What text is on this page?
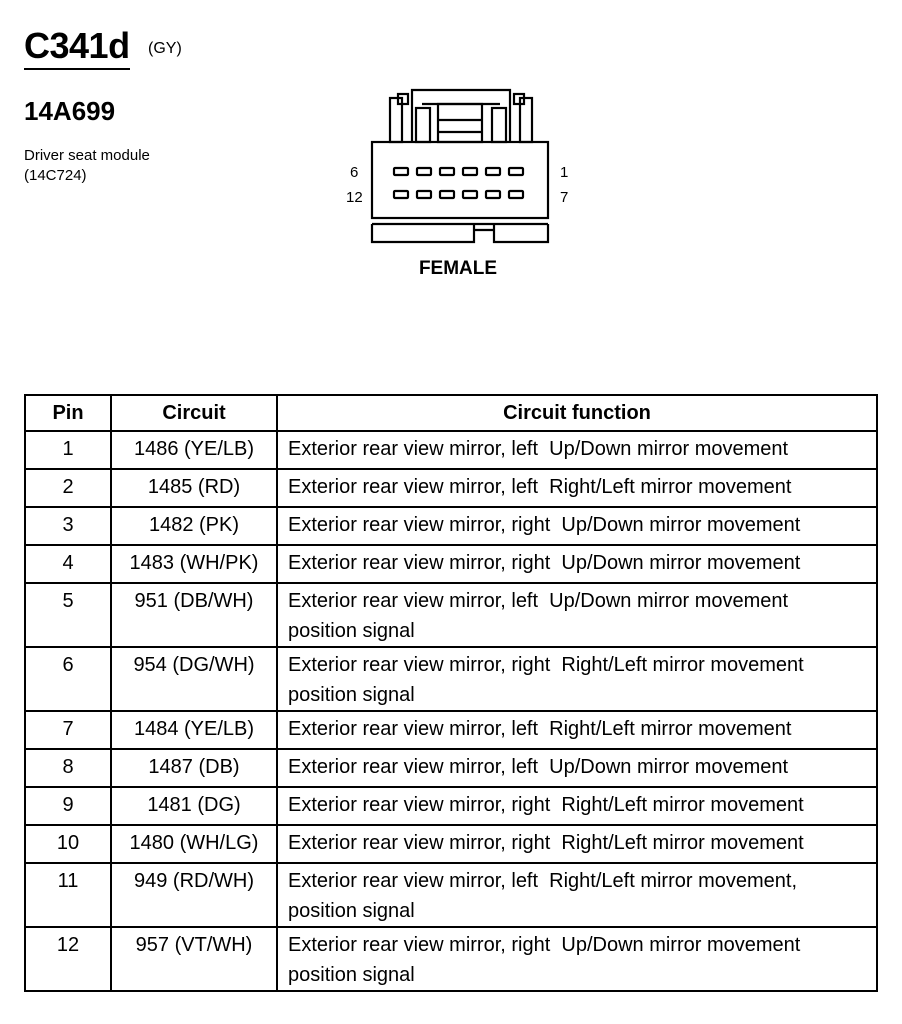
C341d (GY)
14A699
Driver seat module
(14C724)	6	1
12	7
FEMALE
Pin	Circuit	Circuit function
1	1486 (YE/LB)	Exterior rear view mirror, left  Up/Down mirror movement

2	1485 (RD)	Exterior rear view mirror, left  Right/Left mirror movement

3	1482 (PK)	Exterior rear view mirror, right  Up/Down mirror movement

4	1483 (WH/PK)	Exterior rear view mirror, right  Up/Down mirror movement

5	951 (DB/WH)	Exterior rear view mirror, left  Up/Down mirror movement
position signal

6	954 (DG/WH)	Exterior rear view mirror, right  Right/Left mirror movement
position signal

7	1484 (YE/LB)	Exterior rear view mirror, left  Right/Left mirror movement

8	1487 (DB)	Exterior rear view mirror, left  Up/Down mirror movement

9	1481 (DG)	Exterior rear view mirror, right  Right/Left mirror movement

10	1480 (WH/LG)	Exterior rear view mirror, right  Right/Left mirror movement

11	949 (RD/WH)	Exterior rear view mirror, left  Right/Left mirror movement,
position signal

12	957 (VT/WH)	Exterior rear view mirror, right  Up/Down mirror movement
position signal
